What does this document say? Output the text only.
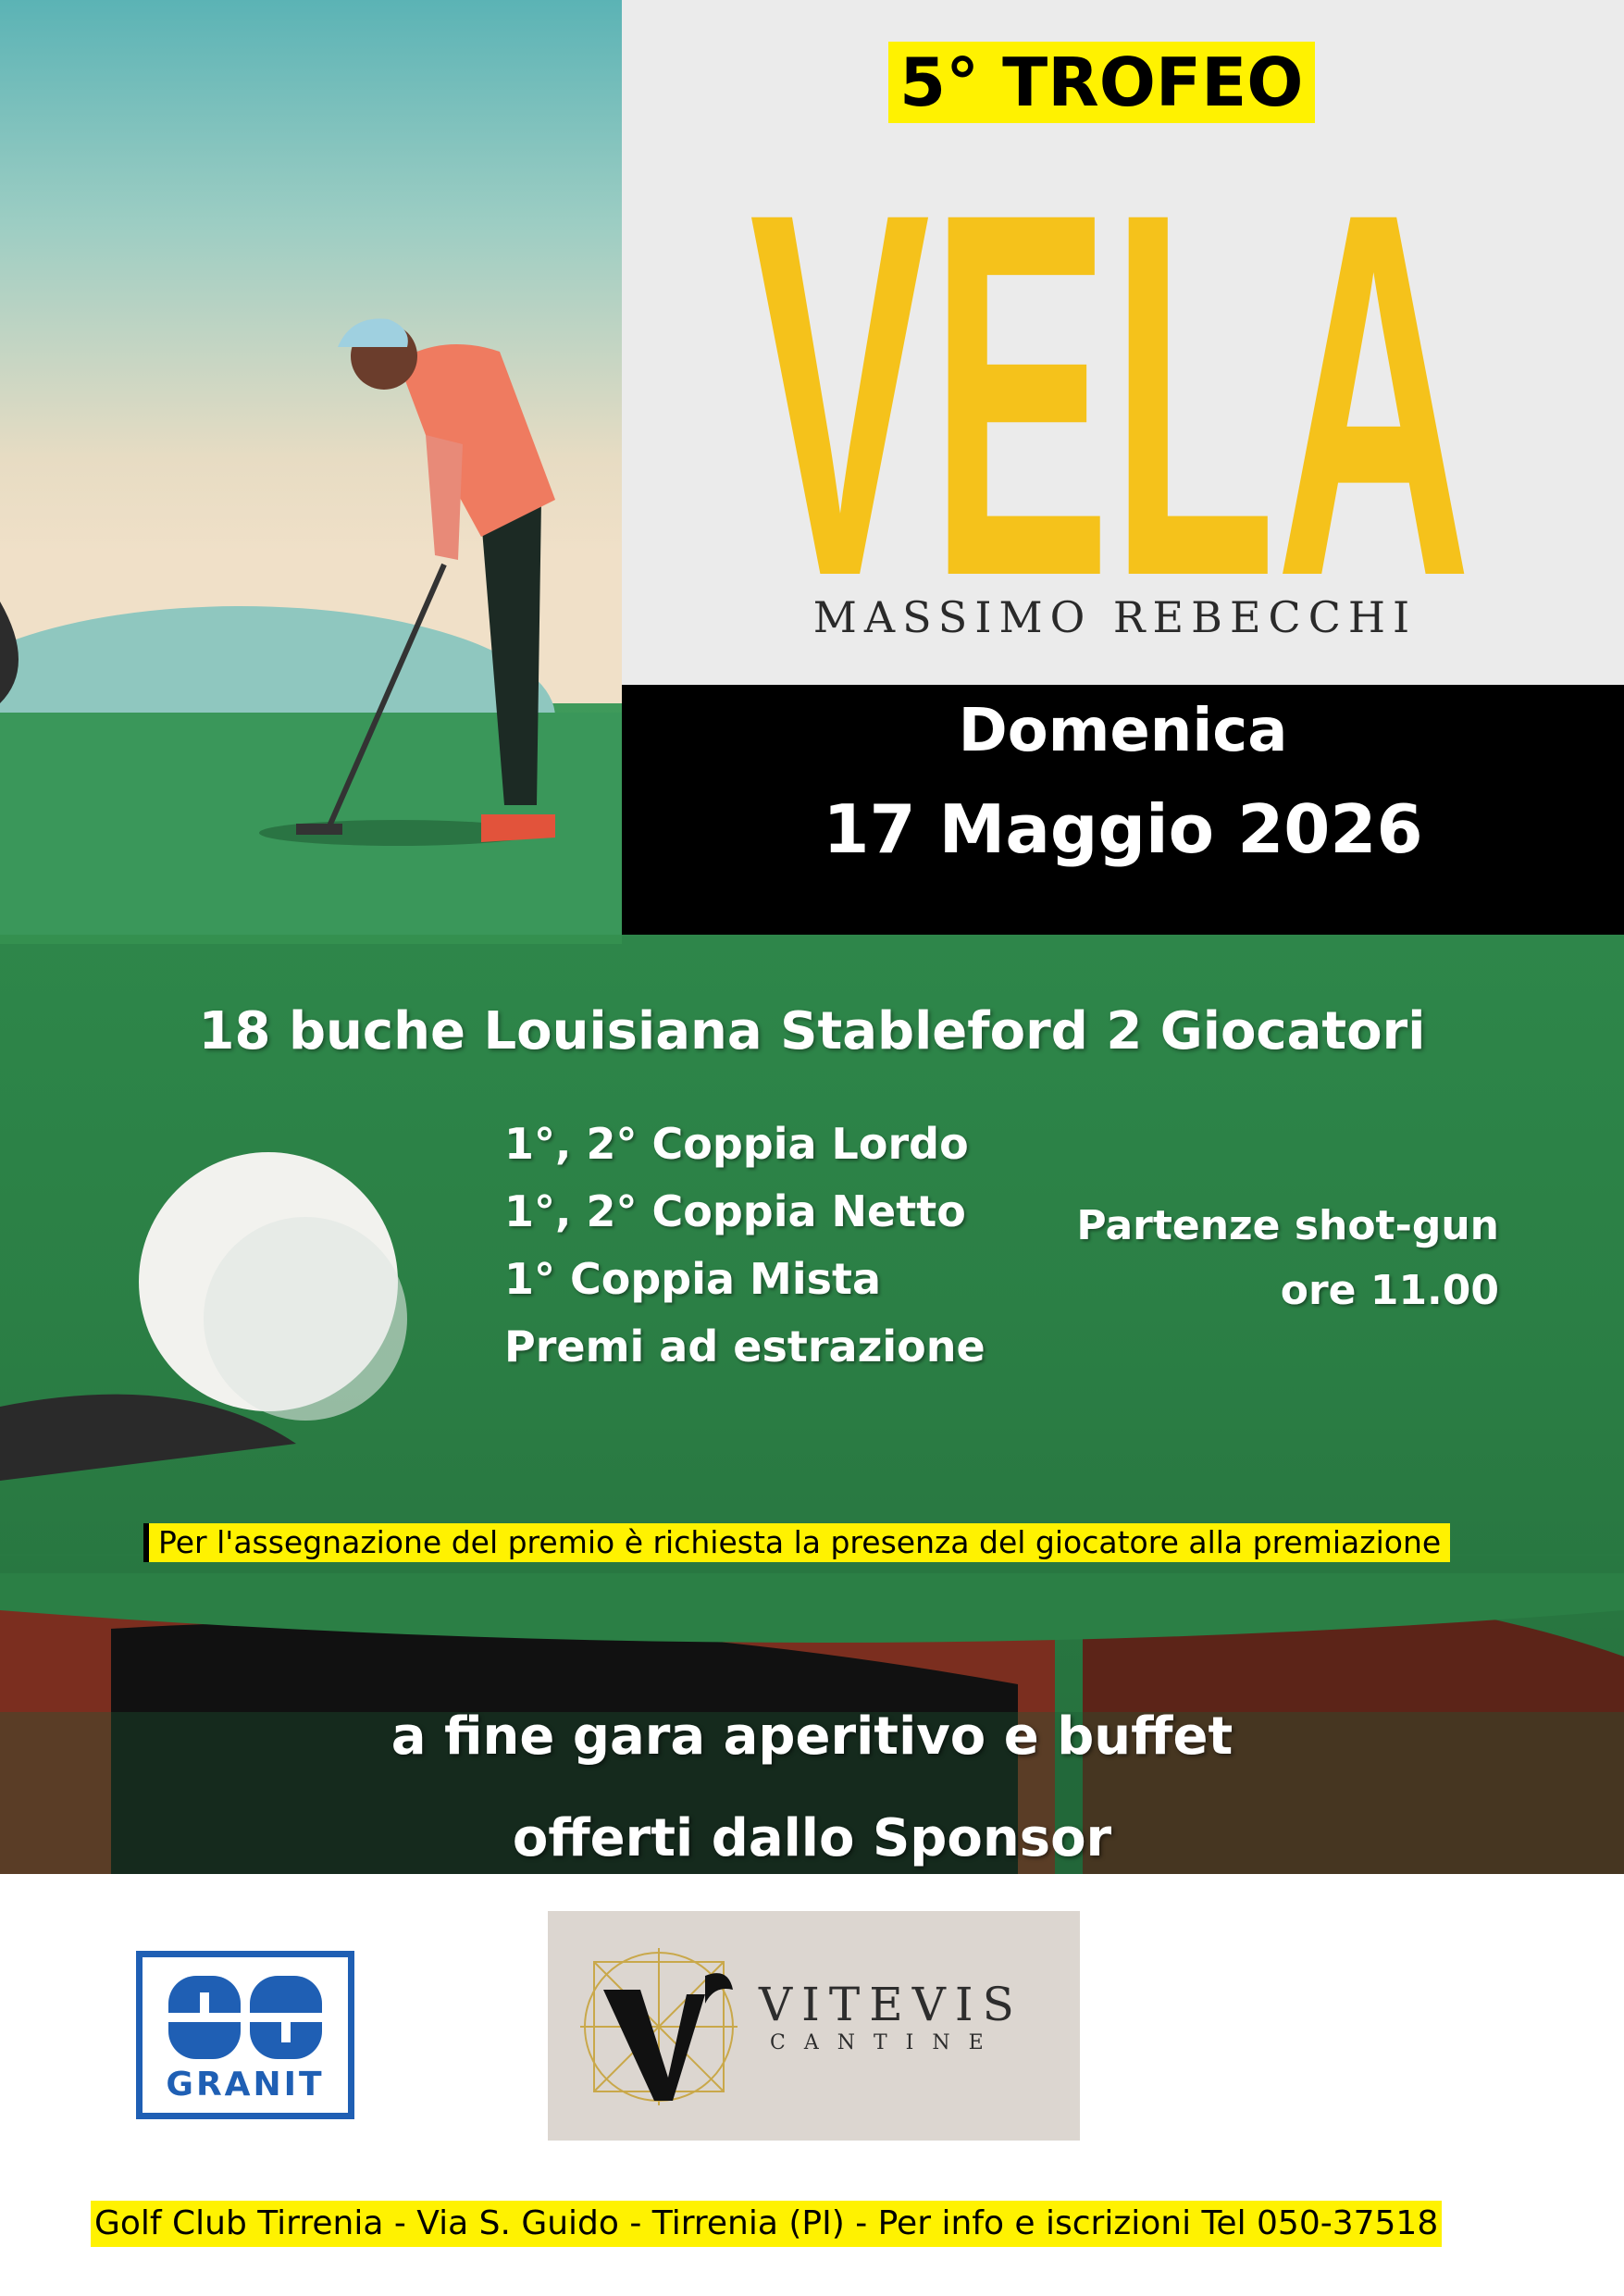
5° TROFEO
VELA
MASSIMO REBECCHI
Domenica
17 Maggio 2026
18 buche Louisiana Stableford 2 Giocatori
1°, 2° Coppia Lordo
1°, 2° Coppia Netto
1° Coppia Mista
Premi ad estrazione
Partenze shot-gun
ore 11.00
Per l'assegnazione del premio è richiesta la presenza del giocatore alla premiazione
a fine gara aperitivo e buffet
offerti dallo Sponsor
GRANIT
VITEVIS
CANTINE
Golf Club Tirrenia - Via S. Guido - Tirrenia (PI) - Per info e iscrizioni Tel 050-37518
